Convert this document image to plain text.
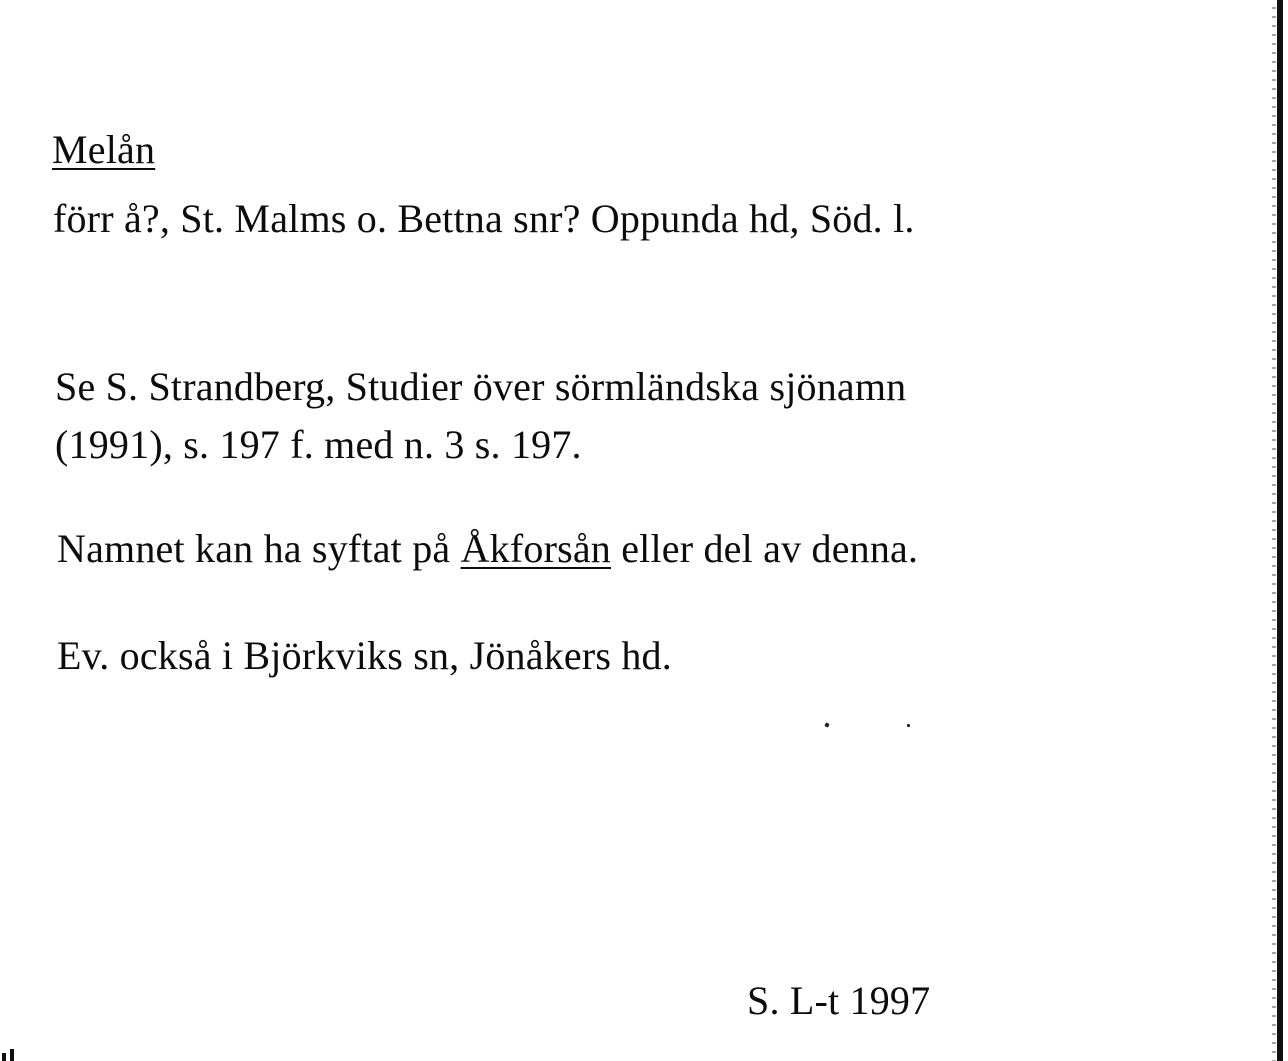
Melån
förr å?, St. Malms o. Bettna snr? Oppunda hd, Söd. l.
Se S. Strandberg, Studier över sörmländska sjönamn
(1991), s. 197 f. med n. 3 s. 197.
Namnet kan ha syftat på Åkforsån eller del av denna.
Ev. också i Björkviks sn, Jönåkers hd.
S. L-t 1997
